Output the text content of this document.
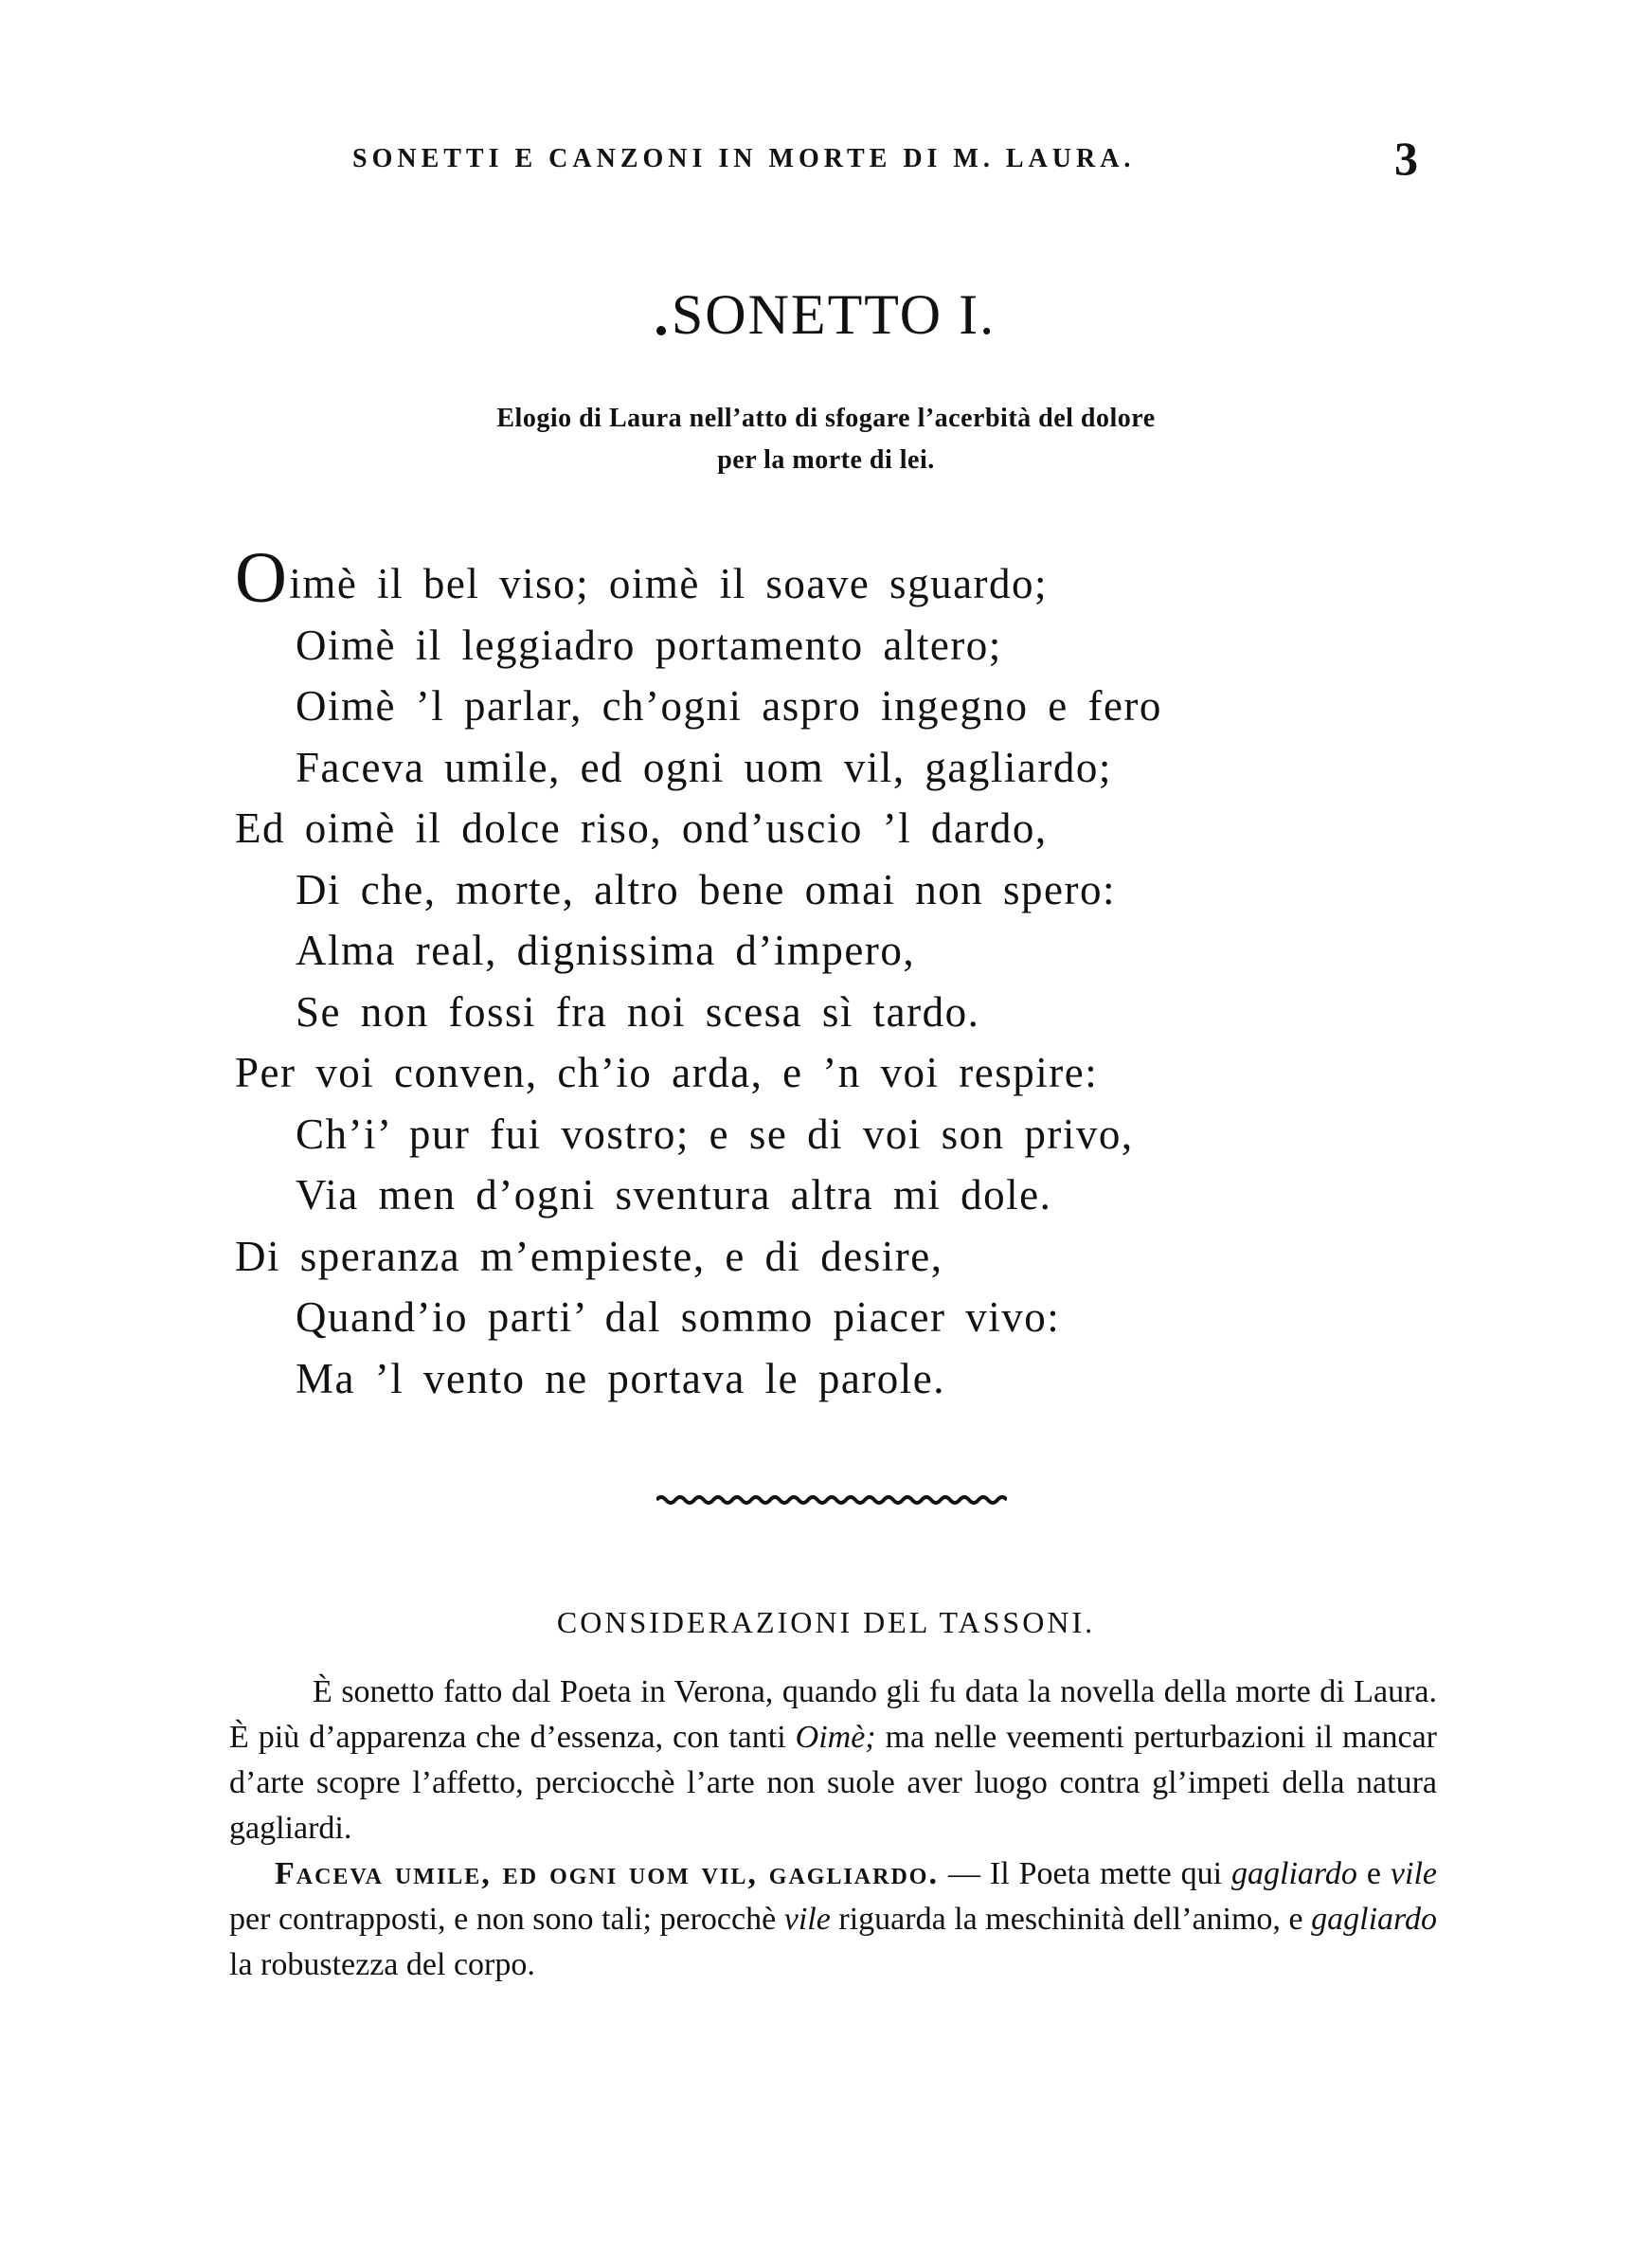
SONETTI E CANZONI IN MORTE DI M. LAURA.	3
SONETTO I.
Elogio di Laura nell’atto di sfogare l’acerbità del dolore
per la morte di lei.
Oimè il bel viso; oimè il soave sguardo;
Oimè il leggiadro portamento altero;
Oimè ’l parlar, ch’ogni aspro ingegno e fero
Faceva umile, ed ogni uom vil, gagliardo;
Ed oimè il dolce riso, ond’uscio ’l dardo,
Di che, morte, altro bene omai non spero:
Alma real, dignissima d’impero,
Se non fossi fra noi scesa sì tardo.
Per voi conven, ch’io arda, e ’n voi respire:
Ch’i’ pur fui vostro; e se di voi son privo,
Via men d’ogni sventura altra mi dole.
Di speranza m’empieste, e di desire,
Quand’io parti’ dal sommo piacer vivo:
Ma ’l vento ne portava le parole.
CONSIDERAZIONI DEL TASSONI.

È sonetto fatto dal Poeta in Verona, quando gli fu data la novella della morte di Laura. È più d’apparenza che d’essenza, con tanti Oimè; ma nelle veementi perturbazioni il mancar d’arte scopre l’affetto, perciocchè l’arte non suole aver luogo contra gl’impeti della natura gagliardi.

Faceva umile, ed ogni uom vil, gagliardo. — Il Poeta mette qui gagliardo e vile per contrapposti, e non sono tali; perocchè vile riguarda la meschinità dell’animo, e gagliardo la robustezza del corpo.
